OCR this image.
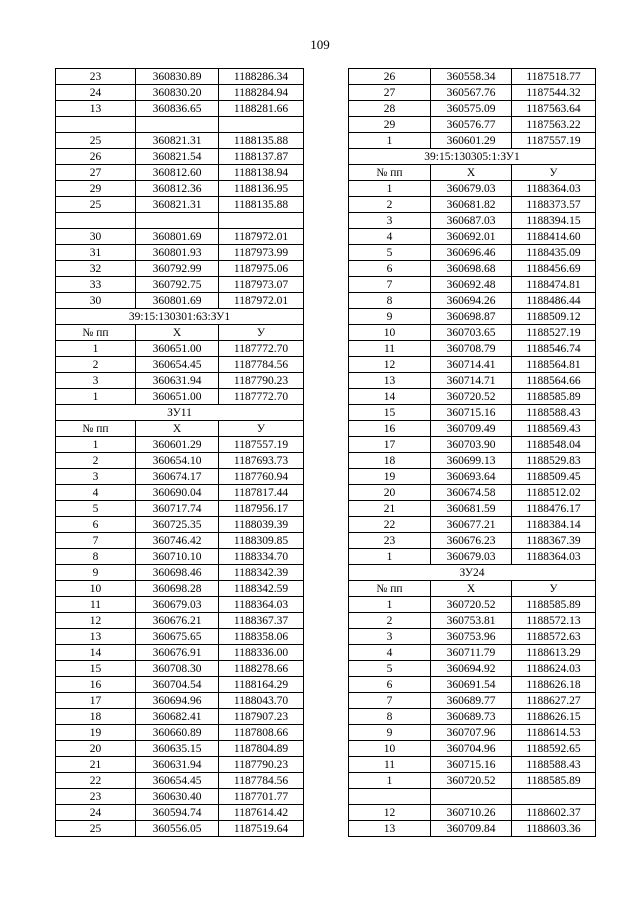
109
23	360830.89	1188286.34
24	360830.20	1188284.94
13	360836.65	1188281.66

25	360821.31	1188135.88
26	360821.54	1188137.87
27	360812.60	1188138.94
29	360812.36	1188136.95
25	360821.31	1188135.88

30	360801.69	1187972.01
31	360801.93	1187973.99
32	360792.99	1187975.06
33	360792.75	1187973.07
30	360801.69	1187972.01
39:15:130301:63:ЗУ1		
№ пп	X	У
1	360651.00	1187772.70
2	360654.45	1187784.56
3	360631.94	1187790.23
1	360651.00	1187772.70
ЗУ11		
№ пп	X	У
1	360601.29	1187557.19
2	360654.10	1187693.73
3	360674.17	1187760.94
4	360690.04	1187817.44
5	360717.74	1187956.17
6	360725.35	1188039.39
7	360746.42	1188309.85
8	360710.10	1188334.70
9	360698.46	1188342.39
10	360698.28	1188342.59
11	360679.03	1188364.03
12	360676.21	1188367.37
13	360675.65	1188358.06
14	360676.91	1188336.00
15	360708.30	1188278.66
16	360704.54	1188164.29
17	360694.96	1188043.70
18	360682.41	1187907.23
19	360660.89	1187808.66
20	360635.15	1187804.89
21	360631.94	1187790.23
22	360654.45	1187784.56
23	360630.40	1187701.77
24	360594.74	1187614.42
25	360556.05	1187519.64
26	360558.34	1187518.77
27	360567.76	1187544.32
28	360575.09	1187563.64
29	360576.77	1187563.22
1	360601.29	1187557.19
39:15:130305:1:ЗУ1		
№ пп	X	У
1	360679.03	1188364.03
2	360681.82	1188373.57
3	360687.03	1188394.15
4	360692.01	1188414.60
5	360696.46	1188435.09
6	360698.68	1188456.69
7	360692.48	1188474.81
8	360694.26	1188486.44
9	360698.87	1188509.12
10	360703.65	1188527.19
11	360708.79	1188546.74
12	360714.41	1188564.81
13	360714.71	1188564.66
14	360720.52	1188585.89
15	360715.16	1188588.43
16	360709.49	1188569.43
17	360703.90	1188548.04
18	360699.13	1188529.83
19	360693.64	1188509.45
20	360674.58	1188512.02
21	360681.59	1188476.17
22	360677.21	1188384.14
23	360676.23	1188367.39
1	360679.03	1188364.03
ЗУ24		
№ пп	X	У
1	360720.52	1188585.89
2	360753.81	1188572.13
3	360753.96	1188572.63
4	360711.79	1188613.29
5	360694.92	1188624.03
6	360691.54	1188626.18
7	360689.77	1188627.27
8	360689.73	1188626.15
9	360707.96	1188614.53
10	360704.96	1188592.65
11	360715.16	1188588.43
1	360720.52	1188585.89

12	360710.26	1188602.37
13	360709.84	1188603.36
